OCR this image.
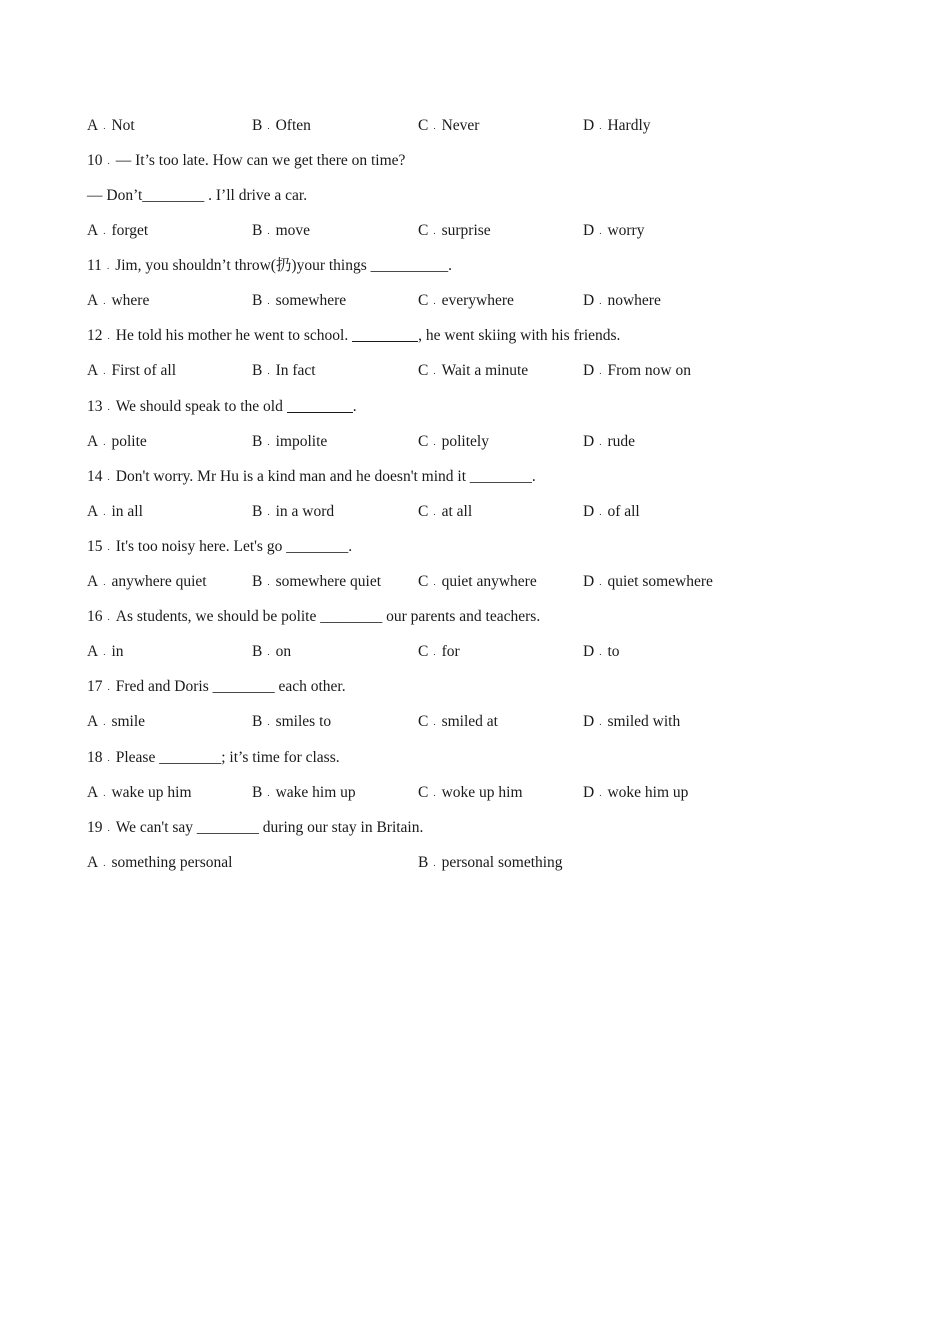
A . Not	B . Often	C . Never	D . Hardly
10 . — It’s too late. How can we get there on time?
— Don’t________ . I’ll drive a car.
A . forget	B . move	C . surprise	D . worry
11 . Jim, you shouldn’t throw(扔)your things __________.
A . where	B . somewhere	C . everywhere	D . nowhere
12 . He told his mother he went to school.	, he went skiing with his friends.
A . First of all	B . In fact	C . Wait a minute	D . From now on
13 . We should speak to the old	.
A . polite	B . impolite	C . politely	D . rude
14 . Don't worry. Mr Hu is a kind man and he doesn't mind it ________.
A . in all	B . in a word	C . at all	D . of all
15 . It's too noisy here. Let's go ________.
A . anywhere quiet	B . somewhere quiet C . quiet anywhere	D . quiet somewhere
16 . As students, we should be polite ________ our parents and teachers.
A . in	B . on	C . for	D . to
17 . Fred and Doris ________ each other.
A . smile	B . smiles to	C . smiled at	D . smiled with
18 . Please ________; it’s time for class.
A . wake up him	B . wake him up	C . woke up him	D . woke him up
19 . We can't say ________ during our stay in Britain.
A . something personal	B . personal something
